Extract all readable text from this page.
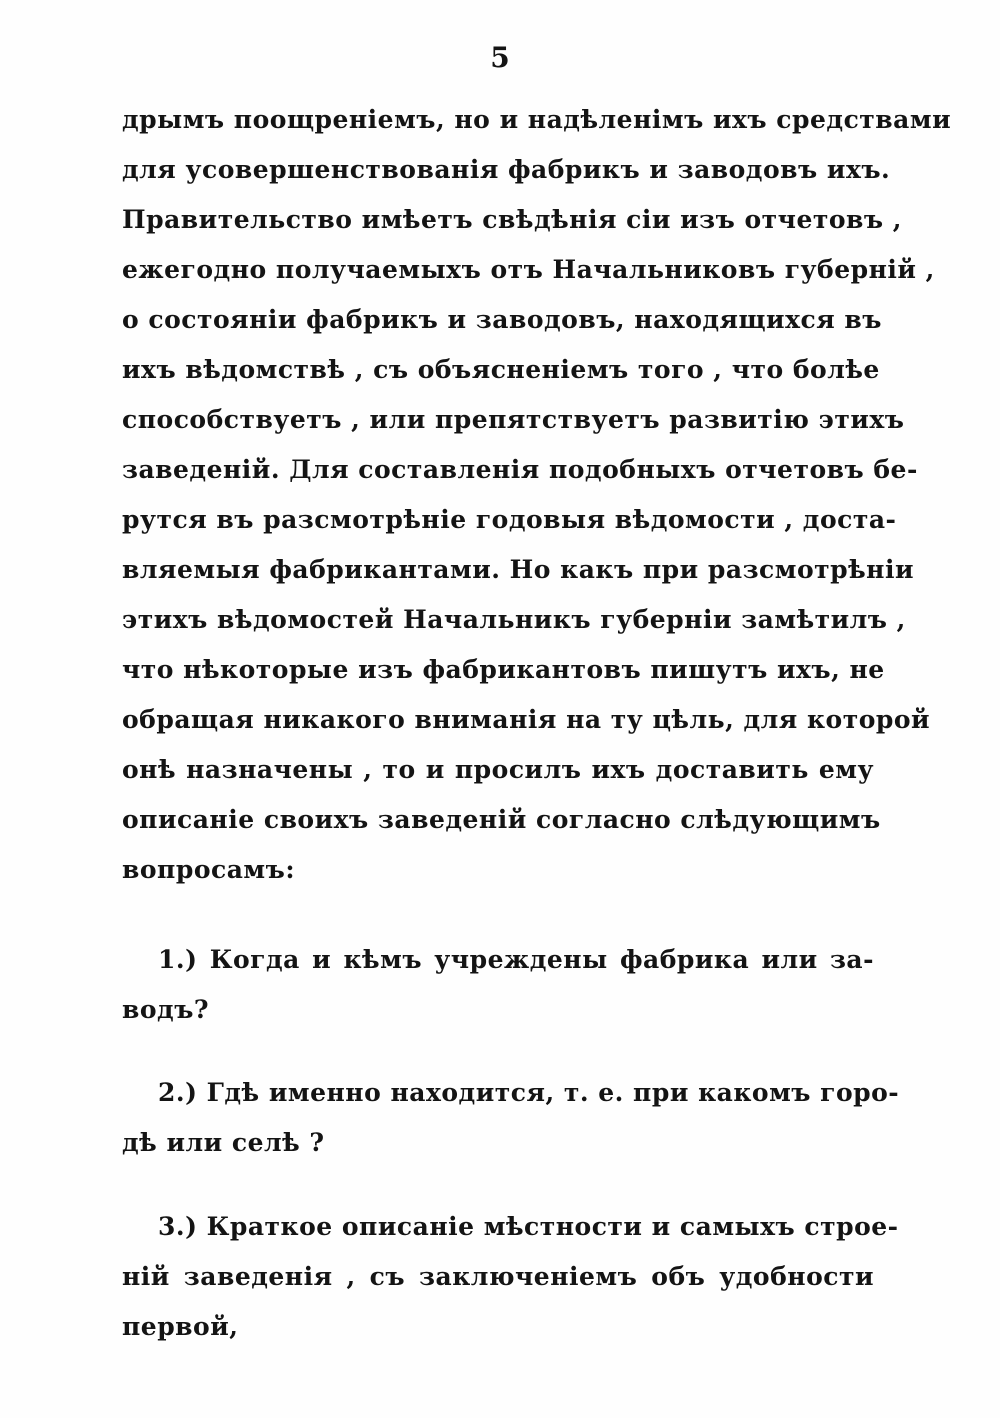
5
дрымъ поощреніемъ, но и надѣленімъ ихъ средствами
для усовершенствованія фабрикъ и заводовъ ихъ.
Правительство имѣетъ свѣдѣнія сіи изъ отчетовъ ,
ежегодно получаемыхъ отъ Начальниковъ губерній ,
о состояніи фабрикъ и заводовъ, находящихся въ
ихъ вѣдомствѣ , съ объясненіемъ того , что болѣе
способствуетъ , или препятствуетъ развитію этихъ
заведеній. Для составленія подобныхъ отчетовъ бе-
рутся въ разсмотрѣніе годовыя вѣдомости , доста-
вляемыя фабрикантами. Но какъ при разсмотрѣніи
этихъ вѣдомостей Начальникъ губерніи замѣтилъ ,
что нѣкоторые изъ фабрикантовъ пишутъ ихъ, не
обращая никакого вниманія на ту цѣль, для которой
онѣ назначены , то и просилъ ихъ доставить ему
описаніе своихъ заведеній согласно слѣдующимъ
вопросамъ:
1.) Когда и кѣмъ учреждены фабрика или за-
водъ?
2.) Гдѣ именно находится, т. е. при какомъ горо-
дѣ или селѣ ?
3.) Краткое описаніе мѣстности и самыхъ строе-
ній заведенія , съ заключеніемъ объ удобности
первой,
